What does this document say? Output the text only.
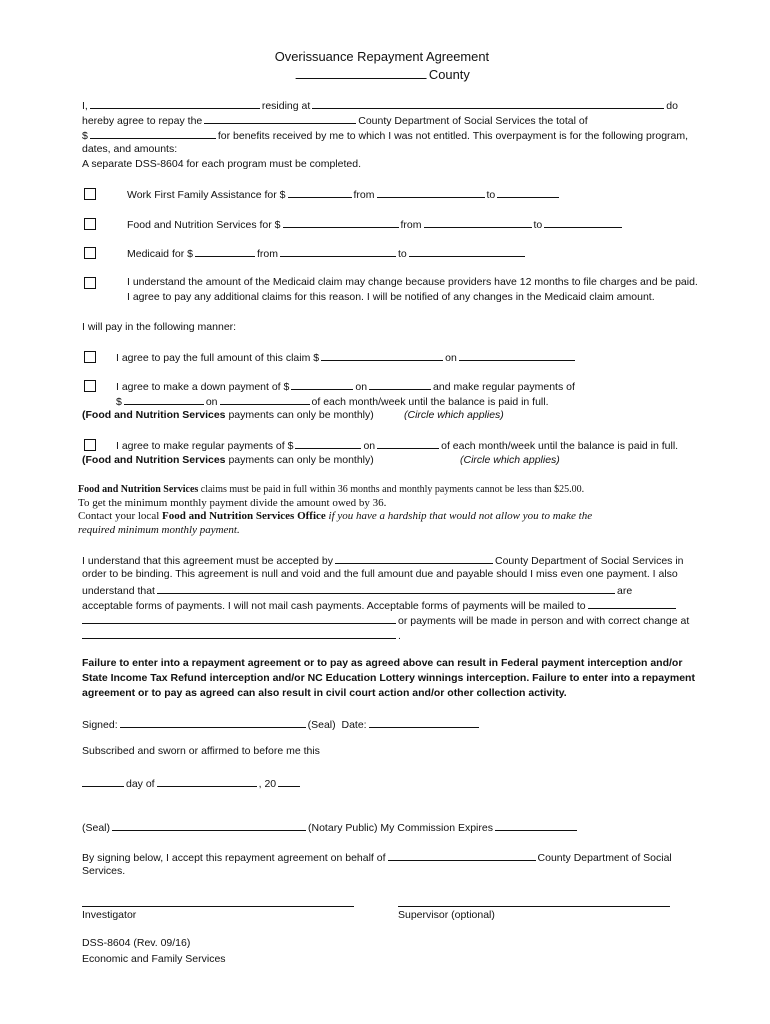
Overissuance Repayment Agreement
County
I,	residing at	do
hereby agree to repay the	County Department of Social Services the total of
$	for benefits received by me to which I was not entitled. This overpayment is for the following program,
dates, and amounts:
A separate DSS-8604 for each program must be completed.
Work First Family Assistance for $	from	to
Food and Nutrition Services for $	from	to
Medicaid for $	from	to
I understand the amount of the Medicaid claim may change because providers have 12 months to file charges and be paid.
I agree to pay any additional claims for this reason. I will be notified of any changes in the Medicaid claim amount.
I will pay in the following manner:
I agree to pay the full amount of this claim $	on
I agree to make a down payment of $	on	and make regular payments of
$	on	of each month/week until the balance is paid in full.
(Food and Nutrition Services payments can only be monthly)	(Circle which applies)
I agree to make regular payments of $	on	of each month/week until the balance is paid in full.
(Food and Nutrition Services payments can only be monthly)	(Circle which applies)
Food and Nutrition Services claims must be paid in full within 36 months and monthly payments cannot be less than $25.00.
To get the minimum monthly payment divide the amount owed by 36.
Contact your local Food and Nutrition Services Office if you have a hardship that would not allow you to make the
required minimum monthly payment.
I understand that this agreement must be accepted by	County Department of Social Services in
order to be binding. This agreement is null and void and the full amount due and payable should I miss even one payment. I also
understand that	are
acceptable forms of payments. I will not mail cash payments. Acceptable forms of payments will be mailed to
or payments will be made in person and with correct change at
.
Failure to enter into a repayment agreement or to pay as agreed above can result in Federal payment interception and/or
State Income Tax Refund interception and/or NC Education Lottery winnings interception. Failure to enter into a repayment
agreement or to pay as agreed can also result in civil court action and/or other collection activity.
Signed:	(Seal) Date:
Subscribed and sworn or affirmed to before me this
day of	, 20
(Seal)	(Notary Public) My Commission Expires
By signing below, I accept this repayment agreement on behalf of	County Department of Social
Services.
Investigator	Supervisor (optional)
DSS-8604 (Rev. 09/16)
Economic and Family Services
